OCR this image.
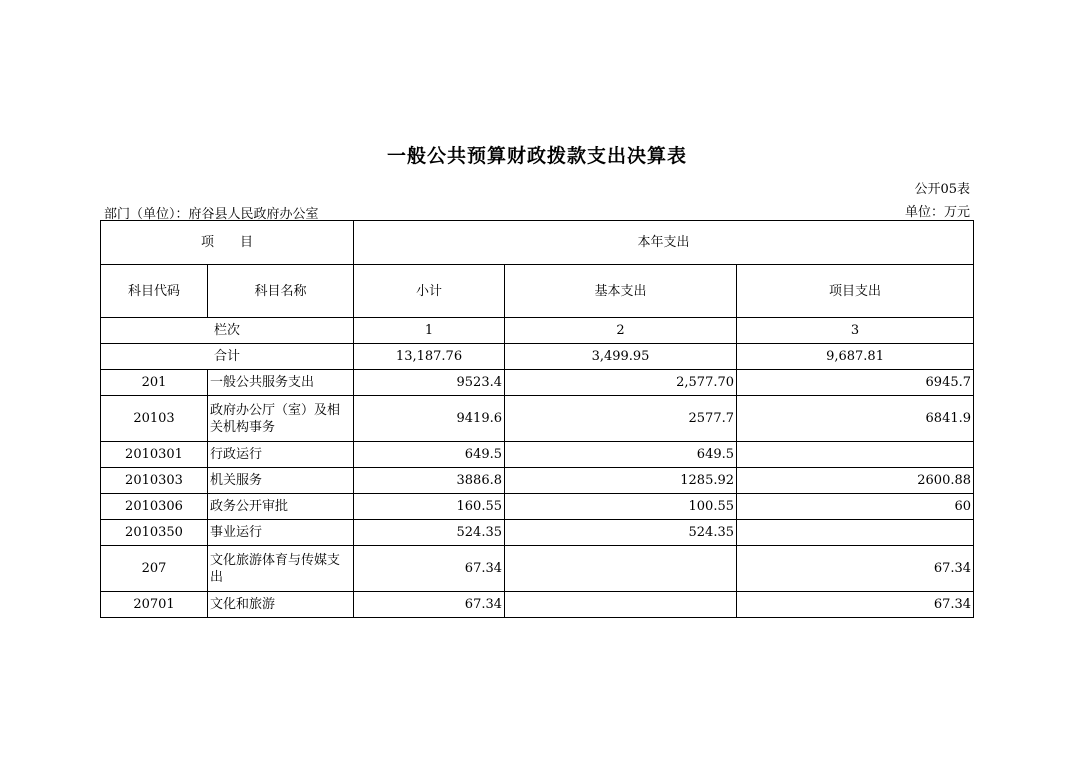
一般公共预算财政拨款支出决算表
公开05表
部门（单位）：府谷县人民政府办公室	单位：万元
项　　目		本年支出		
科目代码	科目名称	小计	基本支出	项目支出
栏次		1	2	3
合计		13,187.76	3,499.95	9,687.81
201	一般公共服务支出	9523.4	2,577.70	6945.7
20103	政府办公厅（室）及相关机构事务	9419.6	2577.7	6841.9
2010301	行政运行	649.5	649.5	
2010303	机关服务	3886.8	1285.92	2600.88
2010306	政务公开审批	160.55	100.55	60
2010350	事业运行	524.35	524.35	
207	文化旅游体育与传媒支出	67.34		67.34
20701	文化和旅游	67.34		67.34
